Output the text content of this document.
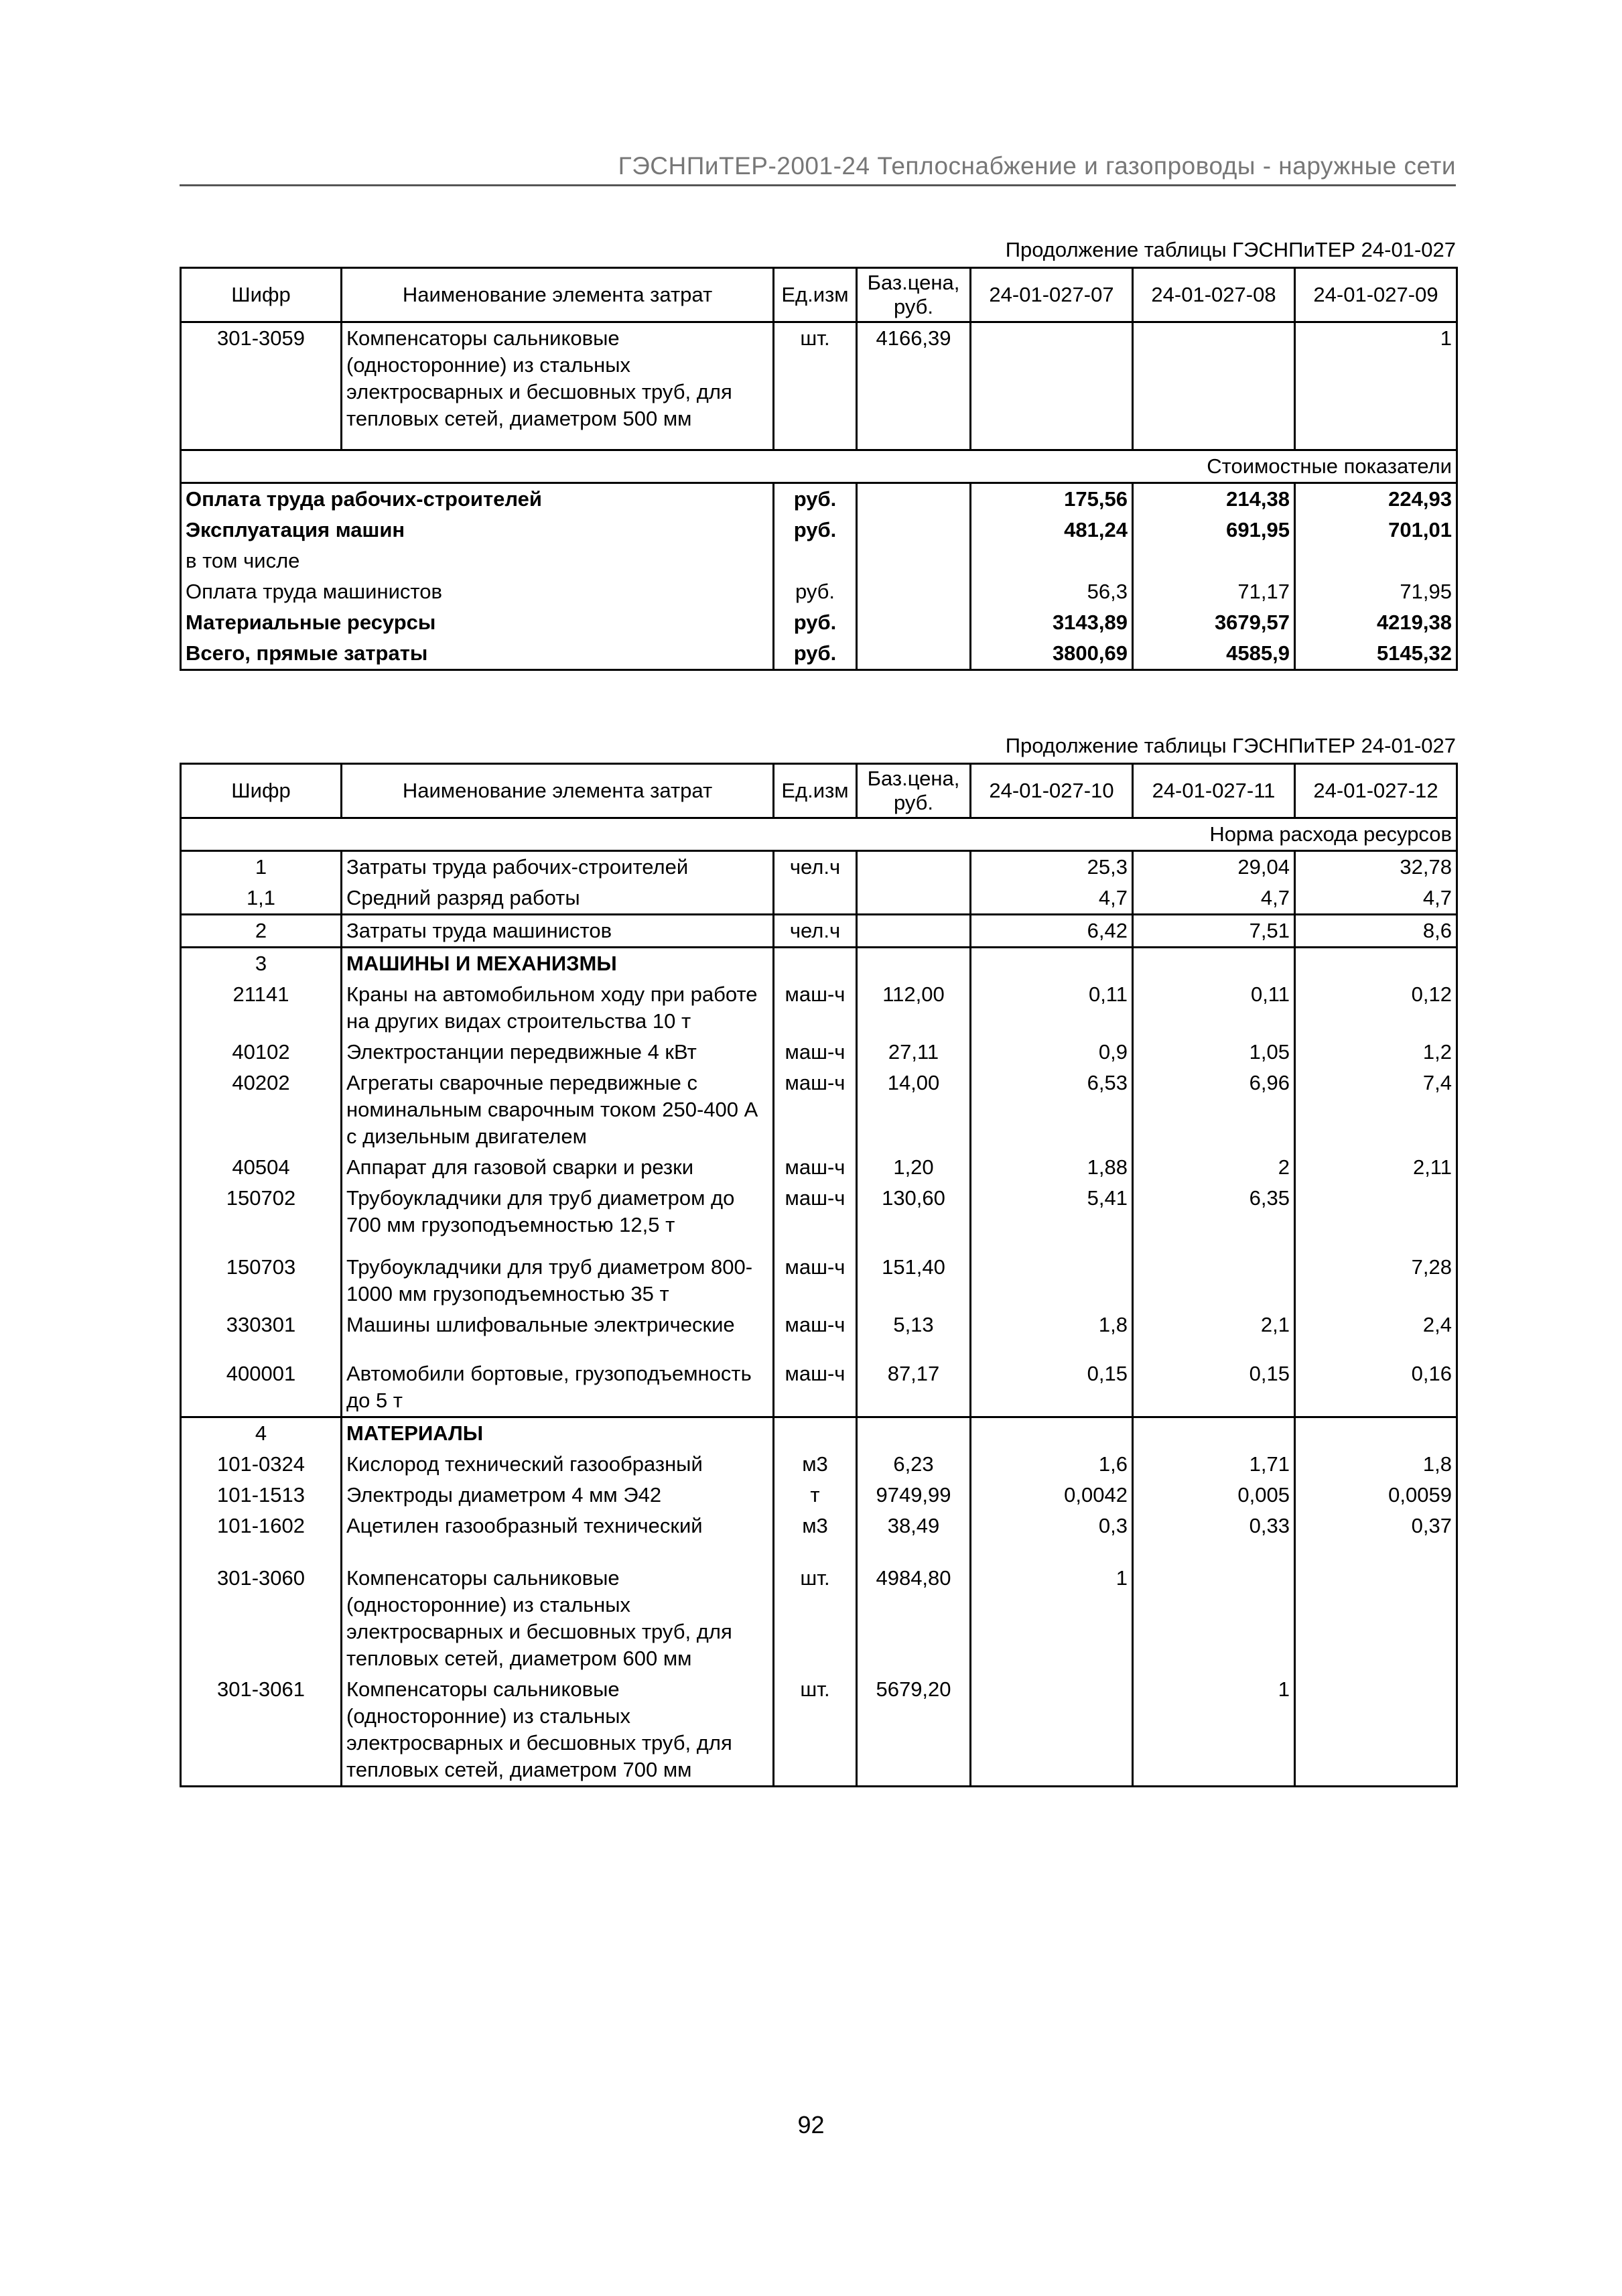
ГЭСНПиТЕР-2001-24 Теплоснабжение и газопроводы - наружные сети
Продолжение таблицы ГЭСНПиТЕР 24-01-027
Шифр	Наименование элемента затрат	Ед.изм	Баз.цена, руб.	24-01-027-07	24-01-027-08	24-01-027-09
301-3059	Компенсаторы сальниковые (односторонние) из стальных электросварных и бесшовных труб, для тепловых сетей, диаметром 500 мм	шт.	4166,39			1
Стоимостные показатели						
Оплата труда рабочих-строителей		руб.		175,56	214,38	224,93
Эксплуатация машин		руб.		481,24	691,95	701,01
в том числе						
Оплата труда машинистов		руб.		56,3	71,17	71,95
Материальные ресурсы		руб.		3143,89	3679,57	4219,38
Всего, прямые затраты		руб.		3800,69	4585,9	5145,32
Продолжение таблицы ГЭСНПиТЕР 24-01-027
Шифр	Наименование элемента затрат	Ед.изм	Баз.цена, руб.	24-01-027-10	24-01-027-11	24-01-027-12
Норма расхода ресурсов						
1	Затраты труда рабочих-строителей	чел.ч		25,3	29,04	32,78
1,1	Средний разряд работы			4,7	4,7	4,7
2	Затраты труда машинистов	чел.ч		6,42	7,51	8,6
3	МАШИНЫ И МЕХАНИЗМЫ					
21141	Краны на автомобильном ходу при работе на других видах строительства 10 т	маш-ч	112,00	0,11	0,11	0,12
40102	Электростанции передвижные 4 кВт	маш-ч	27,11	0,9	1,05	1,2
40202	Агрегаты сварочные передвижные с номинальным сварочным током 250-400 А с дизельным двигателем	маш-ч	14,00	6,53	6,96	7,4
40504	Аппарат для газовой сварки и резки	маш-ч	1,20	1,88	2	2,11
150702	Трубоукладчики для труб диаметром до 700 мм грузоподъемностью 12,5 т	маш-ч	130,60	5,41	6,35	
150703	Трубоукладчики для труб диаметром 800-1000 мм грузоподъемностью 35 т	маш-ч	151,40			7,28
330301	Машины шлифовальные электрические	маш-ч	5,13	1,8	2,1	2,4
400001	Автомобили бортовые, грузоподъемность до 5 т	маш-ч	87,17	0,15	0,15	0,16
4	МАТЕРИАЛЫ					
101-0324	Кислород технический газообразный	м3	6,23	1,6	1,71	1,8
101-1513	Электроды диаметром 4 мм Э42	т	9749,99	0,0042	0,005	0,0059
101-1602	Ацетилен газообразный технический	м3	38,49	0,3	0,33	0,37
301-3060	Компенсаторы сальниковые (односторонние) из стальных электросварных и бесшовных труб, для тепловых сетей, диаметром 600 мм	шт.	4984,80	1		
301-3061	Компенсаторы сальниковые (односторонние) из стальных электросварных и бесшовных труб, для тепловых сетей, диаметром 700 мм	шт.	5679,20		1	
92
